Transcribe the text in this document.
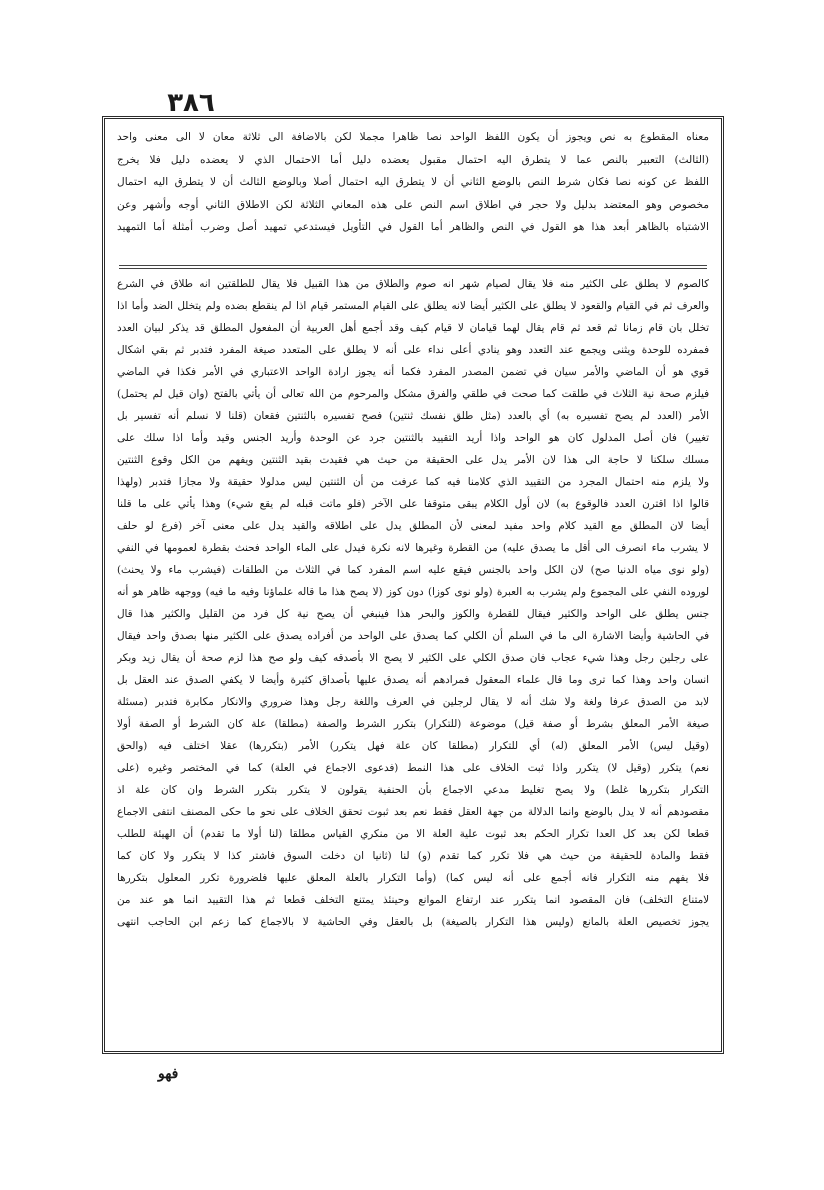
٣٨٦
معناه المقطوع به نص ويجوز أن يكون اللفظ الواحد نصا ظاهرا مجملا لكن بالاضافة الى ثلاثة معان لا الى معنى واحد
(الثالث) التعبير بالنص عما لا يتطرق اليه احتمال مقبول يعضده دليل أما الاحتمال الذي لا يعضده دليل فلا يخرج
اللفظ عن كونه نصا فكان شرط النص بالوضع الثاني أن لا يتطرق اليه احتمال أصلا وبالوضع الثالث أن لا يتطرق اليه احتمال
مخصوص وهو المعتضد بدليل ولا حجر في اطلاق اسم النص على هذه المعاني الثلاثة لكن الاطلاق الثاني أوجه وأشهر وعن
الاشتباه بالظاهر أبعد هذا هو القول في النص والظاهر أما القول في التأويل فيستدعي تمهيد أصل وضرب أمثلة أما التمهيد
كالصوم لا يطلق على الكثير منه فلا يقال لصيام شهر انه صوم والطلاق من هذا القبيل فلا يقال للطلقتين انه طلاق في الشرع
والعرف ثم في القيام والقعود لا يطلق على الكثير أيضا لانه يطلق على القيام المستمر قيام اذا لم ينقطع بضده ولم يتخلل الضد وأما اذا
تخلل بان قام زمانا ثم قعد ثم قام يقال لهما قيامان لا قيام كيف وقد أجمع أهل العربية أن المفعول المطلق قد يذكر لبيان العدد
فمفرده للوحدة ويثنى ويجمع عند التعدد وهو ينادي أعلى نداء على أنه لا يطلق على المتعدد صيغة المفرد فتدبر ثم بقي اشكال
قوي هو أن الماضي والأمر سيان في تضمن المصدر المفرد فكما أنه يجوز ارادة الواحد الاعتباري في الأمر فكذا في الماضي
فيلزم صحة نية الثلاث في طلقت كما صحت في طلقي والفرق مشكل والمرحوم من الله تعالى أن يأتي بالفتح (وان قيل لم يحتمل)
الأمر (العدد لم يصح تفسيره به) أي بالعدد (مثل طلق نفسك ثنتين) فصح تفسيره بالثنتين فقعان (قلنا لا نسلم أنه تفسير بل
تغيير) فان أصل المدلول كان هو الواحد واذا أريد التقييد بالثنتين جرد عن الوحدة وأريد الجنس وقيد وأما اذا سلك على
مسلك سلكنا لا حاجة الى هذا لان الأمر يدل على الحقيقة من حيث هي فقيدت بقيد الثنتين ويفهم من الكل وقوع الثنتين
ولا يلزم منه احتمال المجرد من التقييد الذي كلامنا فيه كما عرفت من أن الثنتين ليس مدلولا حقيقة ولا مجازا فتدبر (ولهذا
قالوا اذا اقترن العدد فالوقوع به) لان أول الكلام يبقى متوقفا على الآخر (فلو ماتت قبله لم يقع شيء) وهذا يأتي على ما قلنا
أيضا لان المطلق مع القيد كلام واحد مفيد لمعنى لأن المطلق يدل على اطلاقه والقيد يدل على معنى آخر (فرع لو حلف
لا يشرب ماء انصرف الى أقل ما يصدق عليه) من القطرة وغيرها لانه نكرة فيدل على الماء الواحد فحنث بقطرة لعمومها في النفي
(ولو نوى مياه الدنيا صح) لان الكل واحد بالجنس فيقع عليه اسم المفرد كما في الثلاث من الطلقات (فيشرب ماء ولا يحنث)
لوروده النفي على المجموع ولم يشرب به العبرة (ولو نوى كوزا) دون كوز (لا يصح هذا ما قاله علماؤنا وفيه ما فيه) ووجهه ظاهر هو أنه
جنس يطلق على الواحد والكثير فيقال للقطرة والكوز والبحر هذا فينبغي أن يصح نية كل فرد من القليل والكثير هذا قال
في الحاشية وأيضا الاشارة الى ما في السلم أن الكلي كما يصدق على الواحد من أفراده يصدق على الكثير منها بصدق واحد فيقال
على رجلين رجل وهذا شيء عجاب فان صدق الكلي على الكثير لا يصح الا بأصدقه كيف ولو صح هذا لزم صحة أن يقال زيد وبكر
انسان واحد وهذا كما ترى وما قال علماء المعقول فمرادهم أنه يصدق عليها بأصداق كثيرة وأيضا لا يكفي الصدق عند العقل بل
لابد من الصدق عرفا ولغة ولا شك أنه لا يقال لرجلين في العرف واللغة رجل وهذا ضروري والانكار مكابرة فتدبر (مسئلة
صيغة الأمر المعلق بشرط أو صفة قيل) موضوعة (للتكرار) بتكرر الشرط والصفة (مطلقا) علة كان الشرط أو الصفة أولا
(وقيل ليس) الأمر المعلق (له) أي للتكرار (مطلقا كان علة فهل يتكرر) الأمر (بتكررها) عقلا اختلف فيه (والحق
نعم) يتكرر (وقيل لا) يتكرر واذا ثبت الخلاف على هذا النمط (فدعوى الاجماع في العلة) كما في المختصر وغيره (على
التكرار بتكررها غلط) ولا يصح تغليط مدعي الاجماع بأن الحنفية يقولون لا يتكرر بتكرر الشرط وان كان علة اذ
مقصودهم أنه لا يدل بالوضع وانما الدلالة من جهة العقل فقط نعم بعد ثبوت تحقق الخلاف على نحو ما حكى المصنف انتفى الاجماع
قطعا لكن بعد كل العدا تكرار الحكم بعد ثبوت علية العلة الا من منكري القياس مطلقا (لنا أولا ما تقدم) أن الهيئة للطلب
فقط والمادة للحقيقة من حيث هي فلا تكرر كما تقدم (و) لنا (ثانيا ان دخلت السوق فاشتر كذا لا يتكرر ولا كان كما
فلا يفهم منه التكرار فانه أجمع على أنه ليس كما) (وأما التكرار بالعلة المعلق عليها فلضرورة تكرر المعلول بتكررها
لامتناع التخلف) فان المقصود انما يتكرر عند ارتفاع الموانع وحينئذ يمتنع التخلف قطعا ثم هذا التقييد انما هو عند من
يجوز تخصيص العلة بالمانع (وليس هذا التكرار بالصيغة) بل بالعقل وفي الحاشية لا بالاجماع كما زعم ابن الحاجب انتهى
فهو
